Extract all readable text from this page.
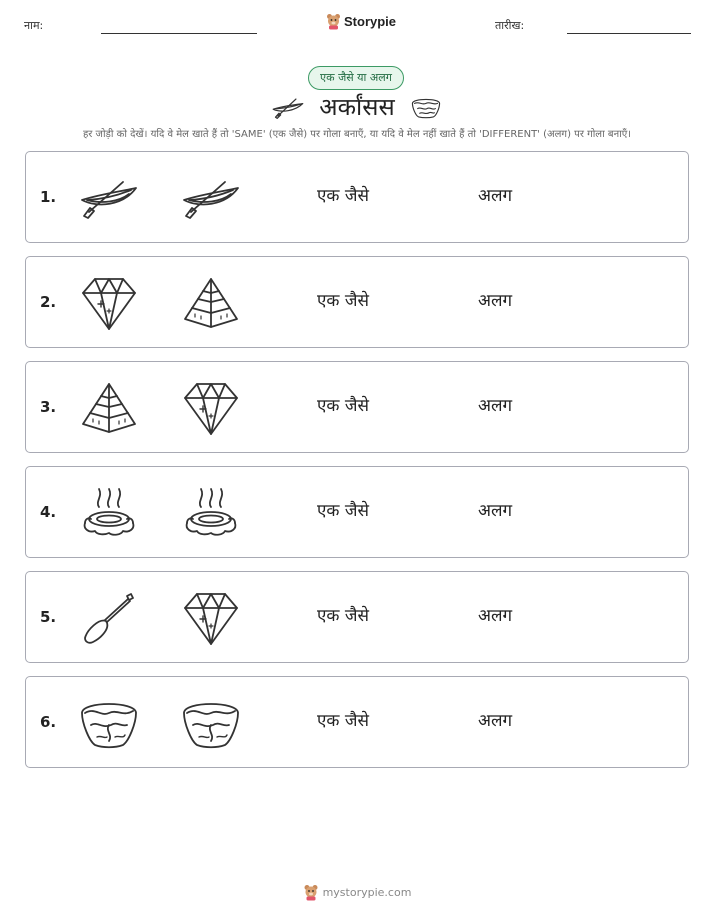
नाम:	Storypie	तारीख:
एक जैसे या अलग
अर्कांसस
हर जोड़ी को देखें। यदि वे मेल खाते हैं तो 'SAME' (एक जैसे) पर गोला बनाएँ, या यदि वे मेल नहीं खाते हैं तो 'DIFFERENT' (अलग) पर गोला बनाएँ।
1.	एक जैसे	अलग
2.	एक जैसे	अलग
3.	एक जैसे	अलग
4.	एक जैसे	अलग
5.	एक जैसे	अलग
6.	एक जैसे	अलग
mystorypie.com
